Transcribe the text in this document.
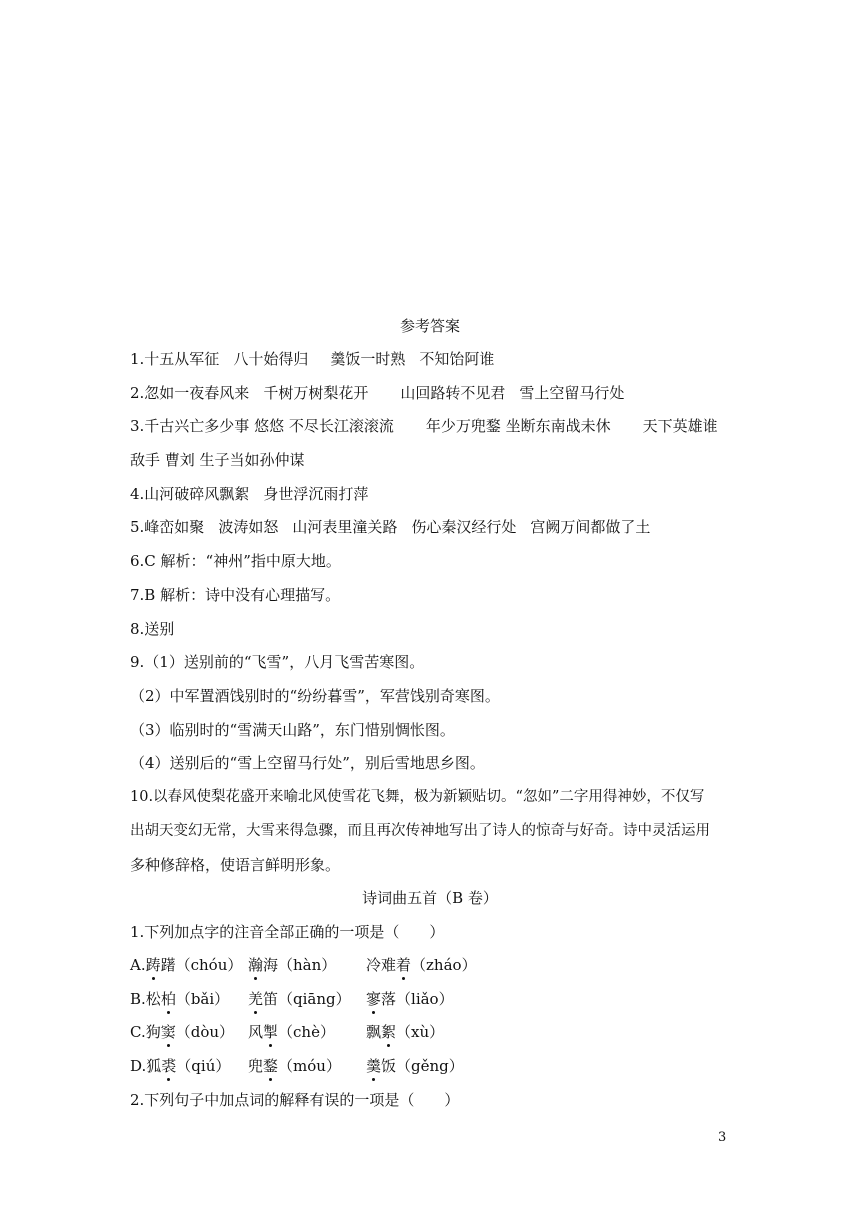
参考答案
1.十五从军征 八十始得归 羹饭一时熟 不知饴阿谁
2.忽如一夜春风来 千树万树梨花开 山回路转不见君 雪上空留马行处
3.千古兴亡多少事 悠悠 不尽长江滚滚流 年少万兜鍪 坐断东南战未休 天下英雄谁
敌手 曹刘 生子当如孙仲谋
4.山河破碎风飘絮 身世浮沉雨打萍
5.峰峦如聚 波涛如怒 山河表里潼关路 伤心秦汉经行处 宫阙万间都做了土
6.C 解析：“神州”指中原大地。
7.B 解析：诗中没有心理描写。
8.送别
9.（1）送别前的“飞雪”，八月飞雪苦寒图。
（2）中军置酒饯别时的“纷纷暮雪”，军营饯别奇寒图。
（3）临别时的“雪满天山路”，东门惜别惆怅图。
（4）送别后的“雪上空留马行处”，别后雪地思乡图。
10.以春风使梨花盛开来喻北风使雪花飞舞，极为新颖贴切。“忽如”二字用得神妙，不仅写
出胡天变幻无常，大雪来得急骤，而且再次传神地写出了诗人的惊奇与好奇。诗中灵活运用
多种修辞格，使语言鲜明形象。
诗词曲五首（B 卷）
1.下列加点字的注音全部正确的一项是（　　）
A.踌躇（chóu） 瀚海（hàn） 冷难着（zháo）
B.松柏（bǎi） 羌笛（qiāng） 寥落（liǎo）
C.狗窦（dòu） 风掣（chè） 飘絮（xù）
D.狐裘（qiú） 兜鍪（móu） 羹饭（gěng）
2.下列句子中加点词的解释有误的一项是（　　）
3
